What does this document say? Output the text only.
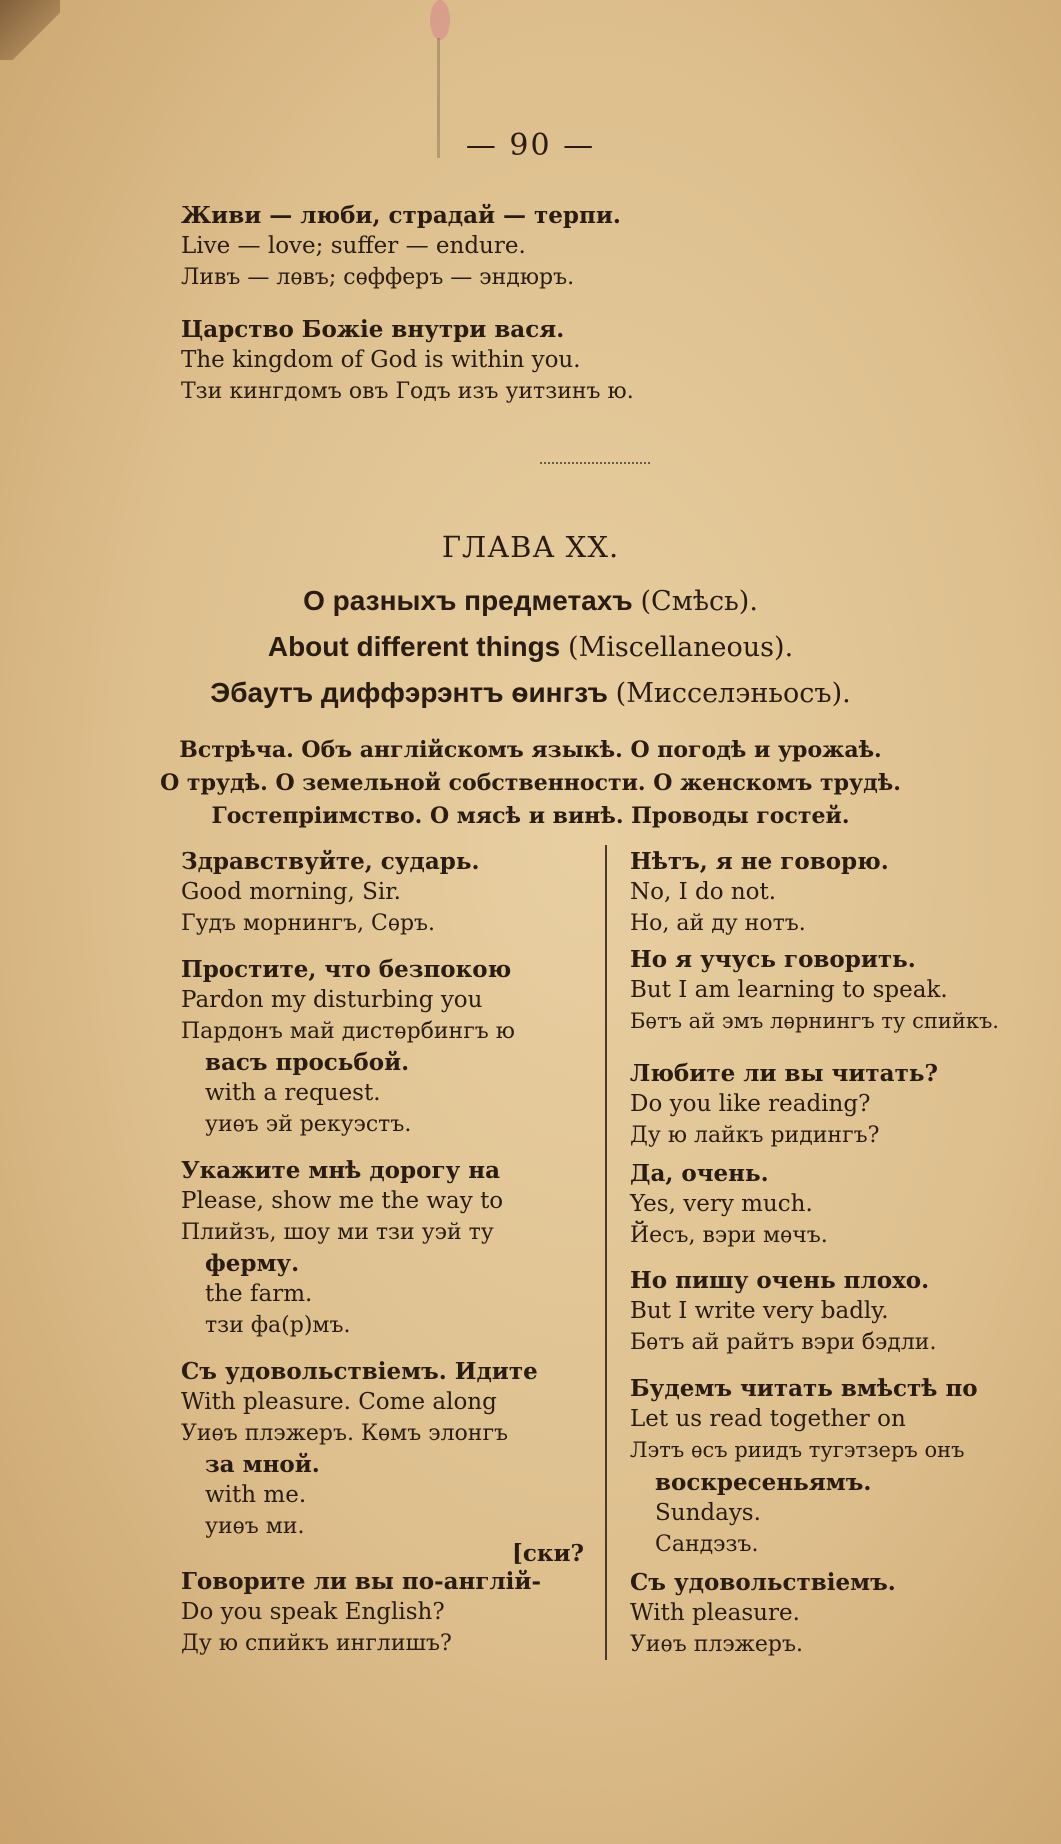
— 90 —
Живи — люби, страдай — терпи.
Live — love; suffer — endure.
Ливъ — лѳвъ; сѳфферъ — эндюръ.
Царство Божіе внутри вася.
The kingdom of God is within you.
Тзи кингдомъ овъ Годъ изъ уитзинъ ю.
ГЛАВА XX.
О разныхъ предметахъ (Смѣсь).
About different things (Miscellaneous).
Эбаутъ диффэрэнтъ ѳингзъ (Мисселэньосъ).
Встрѣча. Объ англійскомъ языкѣ. О погодѣ и урожаѣ.
О трудѣ. О земельной собственности. О женскомъ трудѣ.
Гостепріимство. О мясѣ и винѣ. Проводы гостей.
Здравствуйте, сударь.
Good morning, Sir.
Гудъ морнингъ, Сѳръ.
Простите, что безпокою
Pardon my disturbing you
Пардонъ май дистѳрбингъ ю
васъ просьбой.
with a request.
уиѳъ эй рекуэстъ.
Укажите мнѣ дорогу на
Please, show me the way to
Плийзъ, шоу ми тзи уэй ту
ферму.
the farm.
тзи фа(р)мъ.
Съ удовольствіемъ. Идите
With pleasure. Come along
Уиѳъ плэжеръ. Кѳмъ элонгъ
за мной.
with me.
уиѳъ ми.
[ски?
Говорите ли вы по-англій-
Do you speak English?
Ду ю спийкъ инглишъ?
Нѣтъ, я не говорю.
No, I do not.
Но, ай ду нотъ.
Но я учусь говорить.
But I am learning to speak.
Бѳтъ ай эмъ лѳрнингъ ту спийкъ.
Любите ли вы читать?
Do you like reading?
Ду ю лайкъ ридингъ?
Да, очень.
Yes, very much.
Йесъ, вэри мѳчъ.
Но пишу очень плохо.
But I write very badly.
Бѳтъ ай райтъ вэри бэдли.
Будемъ читать вмѣстѣ по
Let us read together on
Лэтъ ѳсъ риидъ тугэтзеръ онъ
воскресеньямъ.
Sundays.
Сандэзъ.
Съ удовольствіемъ.
With pleasure.
Уиѳъ плэжеръ.
